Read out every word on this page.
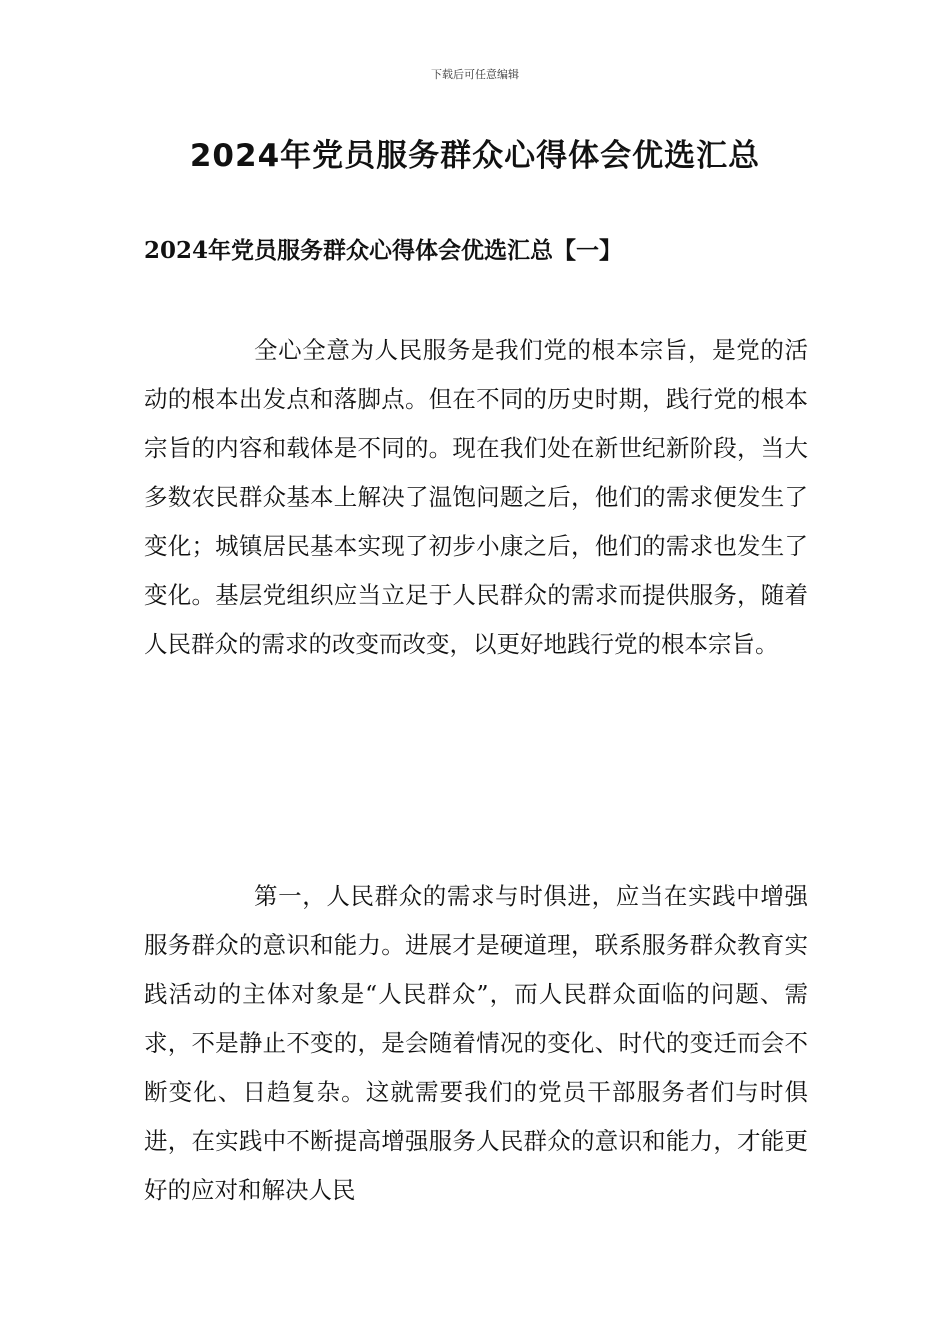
下载后可任意编辑
2024年党员服务群众心得体会优选汇总
2024年党员服务群众心得体会优选汇总【一】

全心全意为人民服务是我们党的根本宗旨，是党的活动的根本出发点和落脚点。但在不同的历史时期，践行党的根本宗旨的内容和载体是不同的。现在我们处在新世纪新阶段，当大多数农民群众基本上解决了温饱问题之后，他们的需求便发生了变化；城镇居民基本实现了初步小康之后，他们的需求也发生了变化。基层党组织应当立足于人民群众的需求而提供服务，随着人民群众的需求的改变而改变，以更好地践行党的根本宗旨。

第一，人民群众的需求与时俱进，应当在实践中增强服务群众的意识和能力。进展才是硬道理，联系服务群众教育实践活动的主体对象是“人民群众”，而人民群众面临的问题、需求，不是静止不变的，是会随着情况的变化、时代的变迁而会不断变化、日趋复杂。这就需要我们的党员干部服务者们与时俱进，在实践中不断提高增强服务人民群众的意识和能力，才能更好的应对和解决人民
